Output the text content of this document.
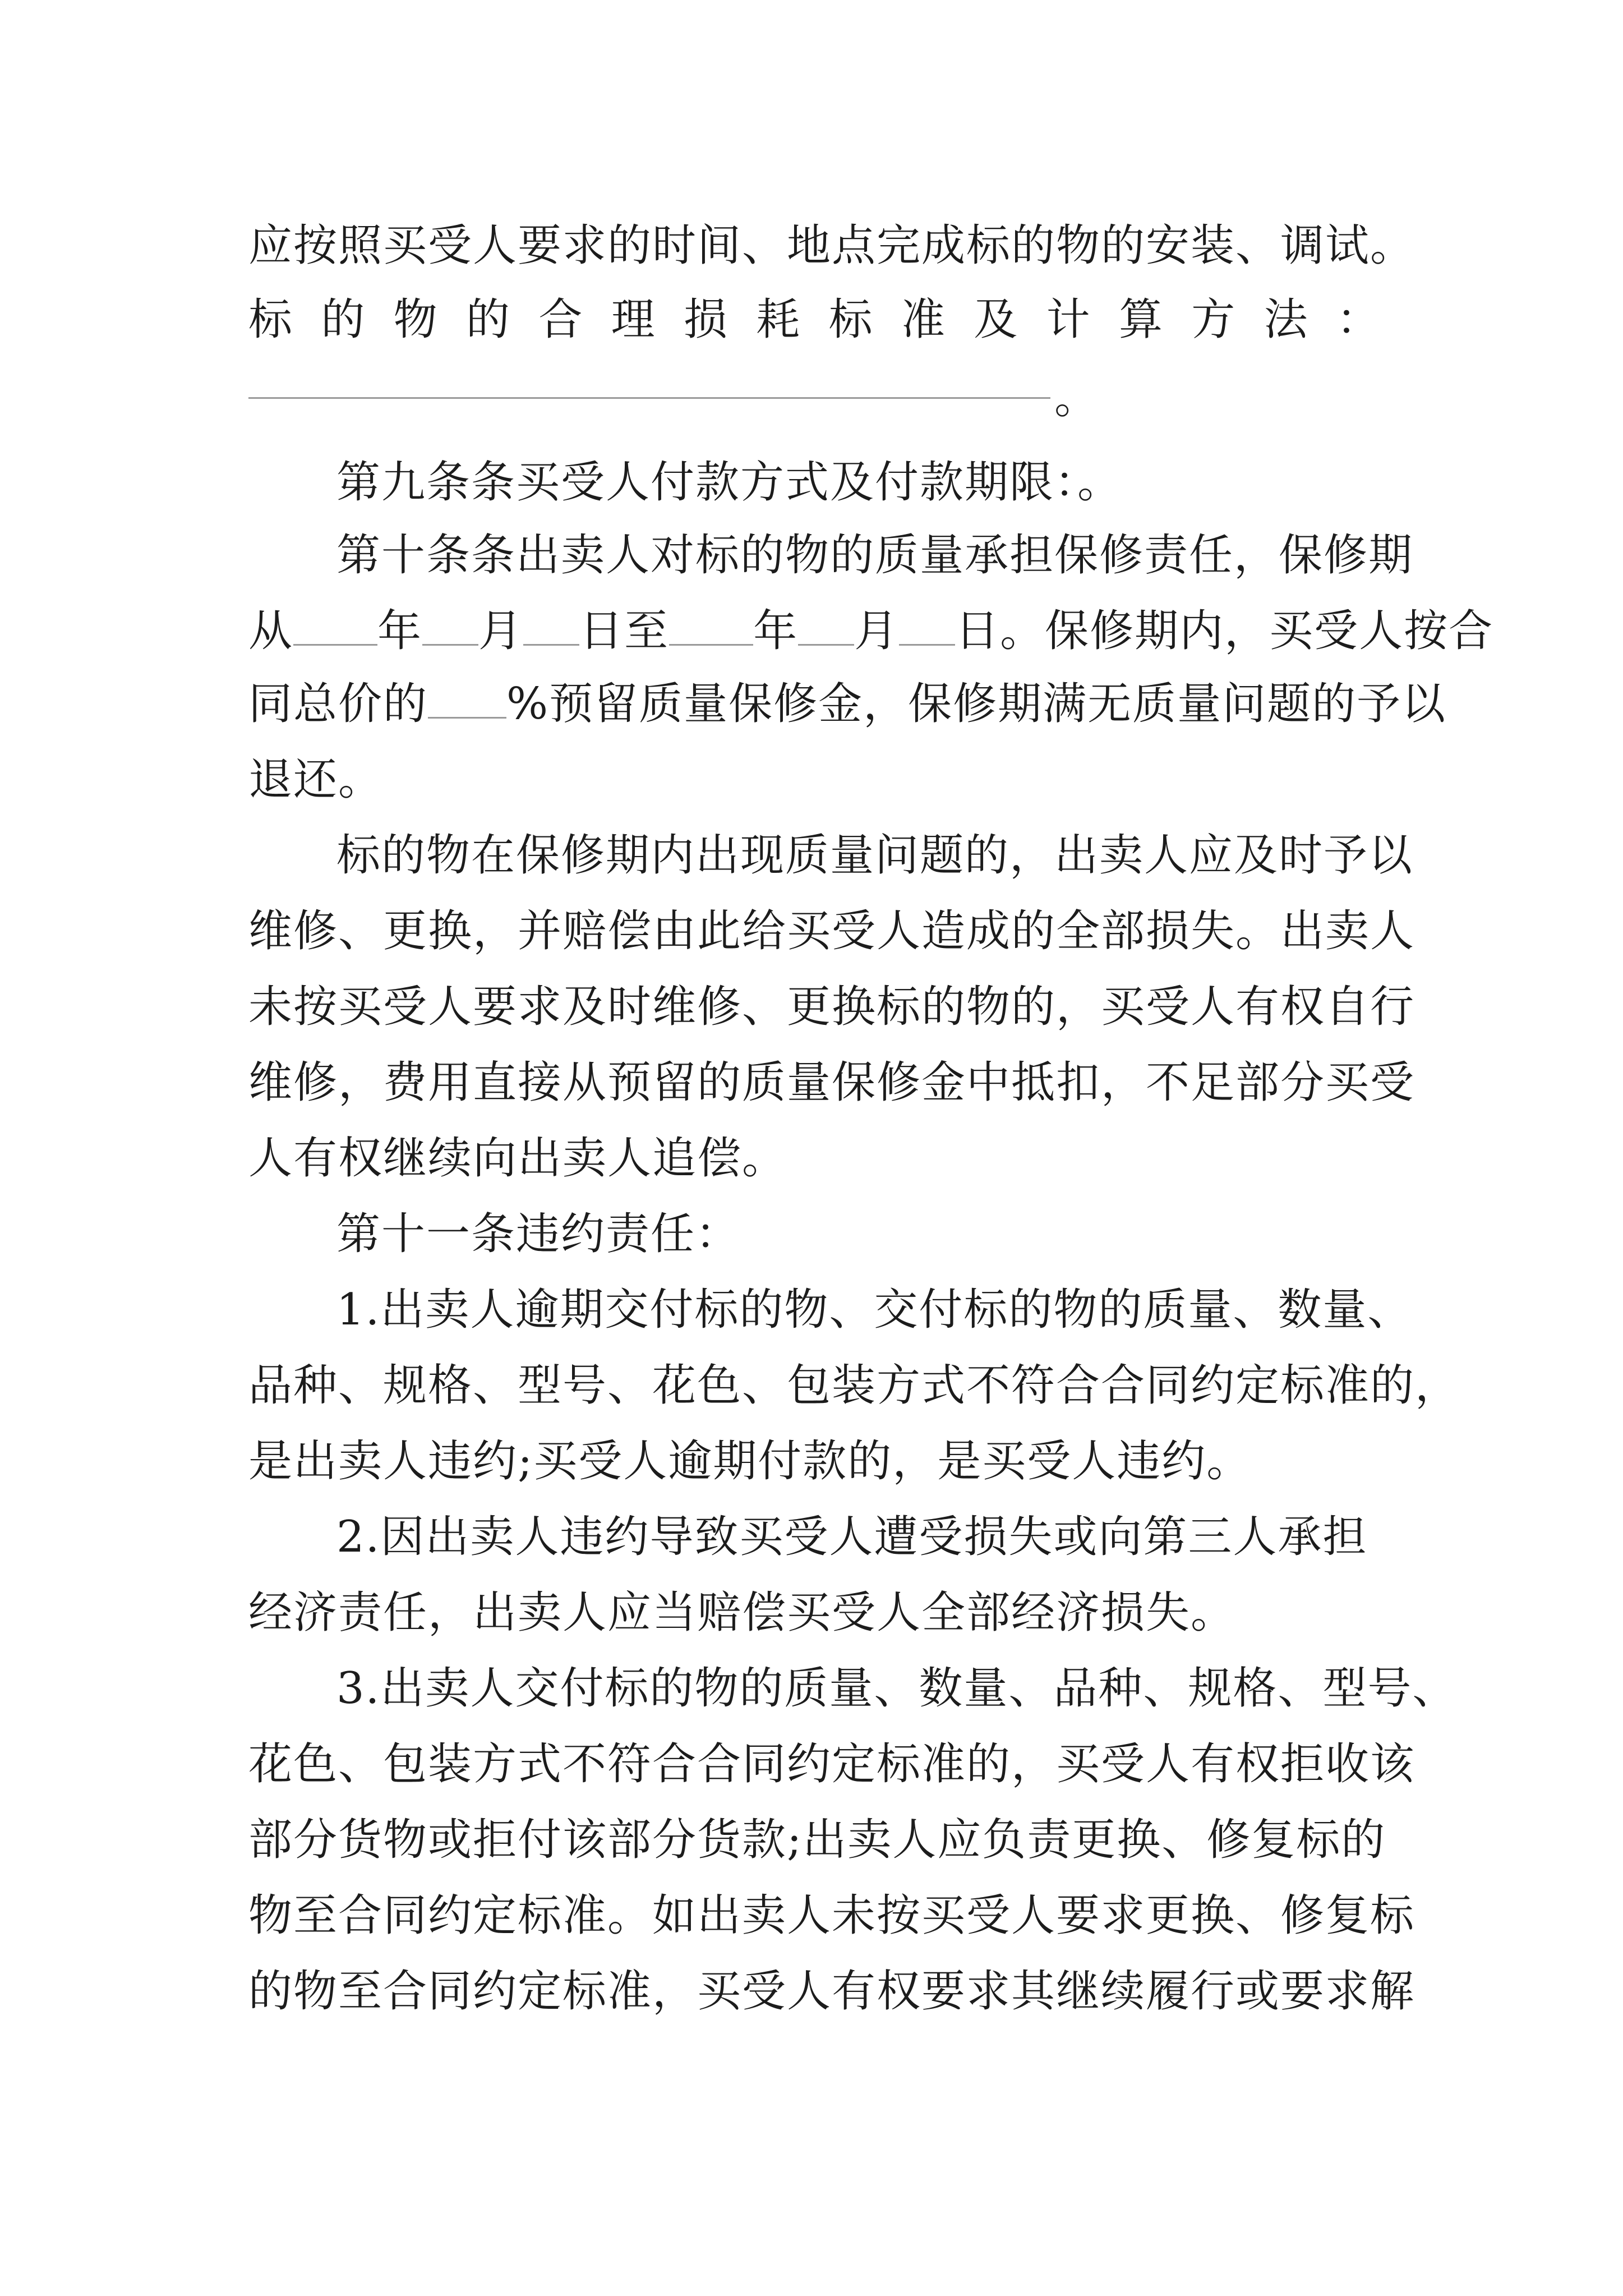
应按照买受人要求的时间、地点完成标的物的安装、调试。
标 的 物 的 合 理 损 耗 标 准 及 计 算 方 法 ：
。
第九条条买受人付款方式及付款期限：。
第十条条出卖人对标的物的质量承担保修责任，保修期
从 年 月 日至 年 月 日。保修期内，买受人按合
同总价的 %预留质量保修金，保修期满无质量问题的予以
退还。
标的物在保修期内出现质量问题的，出卖人应及时予以
维修、更换，并赔偿由此给买受人造成的全部损失。出卖人
未按买受人要求及时维修、更换标的物的，买受人有权自行
维修，费用直接从预留的质量保修金中抵扣，不足部分买受
人有权继续向出卖人追偿。
第十一条违约责任：
1.出卖人逾期交付标的物、交付标的物的质量、数量、
品种、规格、型号、花色、包装方式不符合合同约定标准的，
是出卖人违约;买受人逾期付款的，是买受人违约。
2.因出卖人违约导致买受人遭受损失或向第三人承担
经济责任，出卖人应当赔偿买受人全部经济损失。
3.出卖人交付标的物的质量、数量、品种、规格、型号、
花色、包装方式不符合合同约定标准的，买受人有权拒收该
部分货物或拒付该部分货款;出卖人应负责更换、修复标的
物至合同约定标准。如出卖人未按买受人要求更换、修复标
的物至合同约定标准，买受人有权要求其继续履行或要求解
